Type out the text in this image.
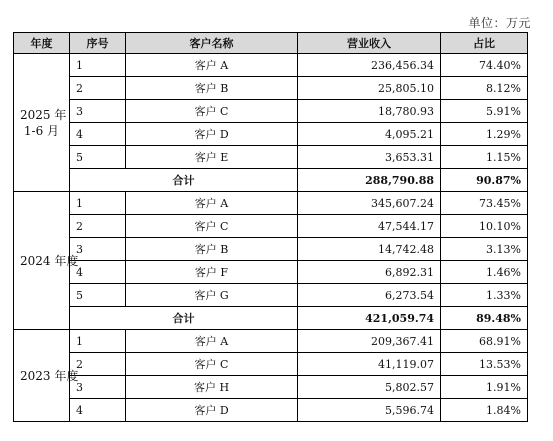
单位：万元
年度	序号	客户名称	营业收入	占比

2025 年
1-6 月	1	客户 A	236,456.34	74.40%
	2	客户 B	25,805.10	8.12%
	3	客户 C	18,780.93	5.91%
	4	客户 D	4,095.21	1.29%
	5	客户 E	3,653.31	1.15%
	合计		288,790.88	90.87%

2024 年度	1	客户 A	345,607.24	73.45%
	2	客户 C	47,544.17	10.10%
	3	客户 B	14,742.48	3.13%
	4	客户 F	6,892.31	1.46%
	5	客户 G	6,273.54	1.33%
	合计		421,059.74	89.48%

2023 年度	1	客户 A	209,367.41	68.91%
	2	客户 C	41,119.07	13.53%
	3	客户 H	5,802.57	1.91%
	4	客户 D	5,596.74	1.84%
